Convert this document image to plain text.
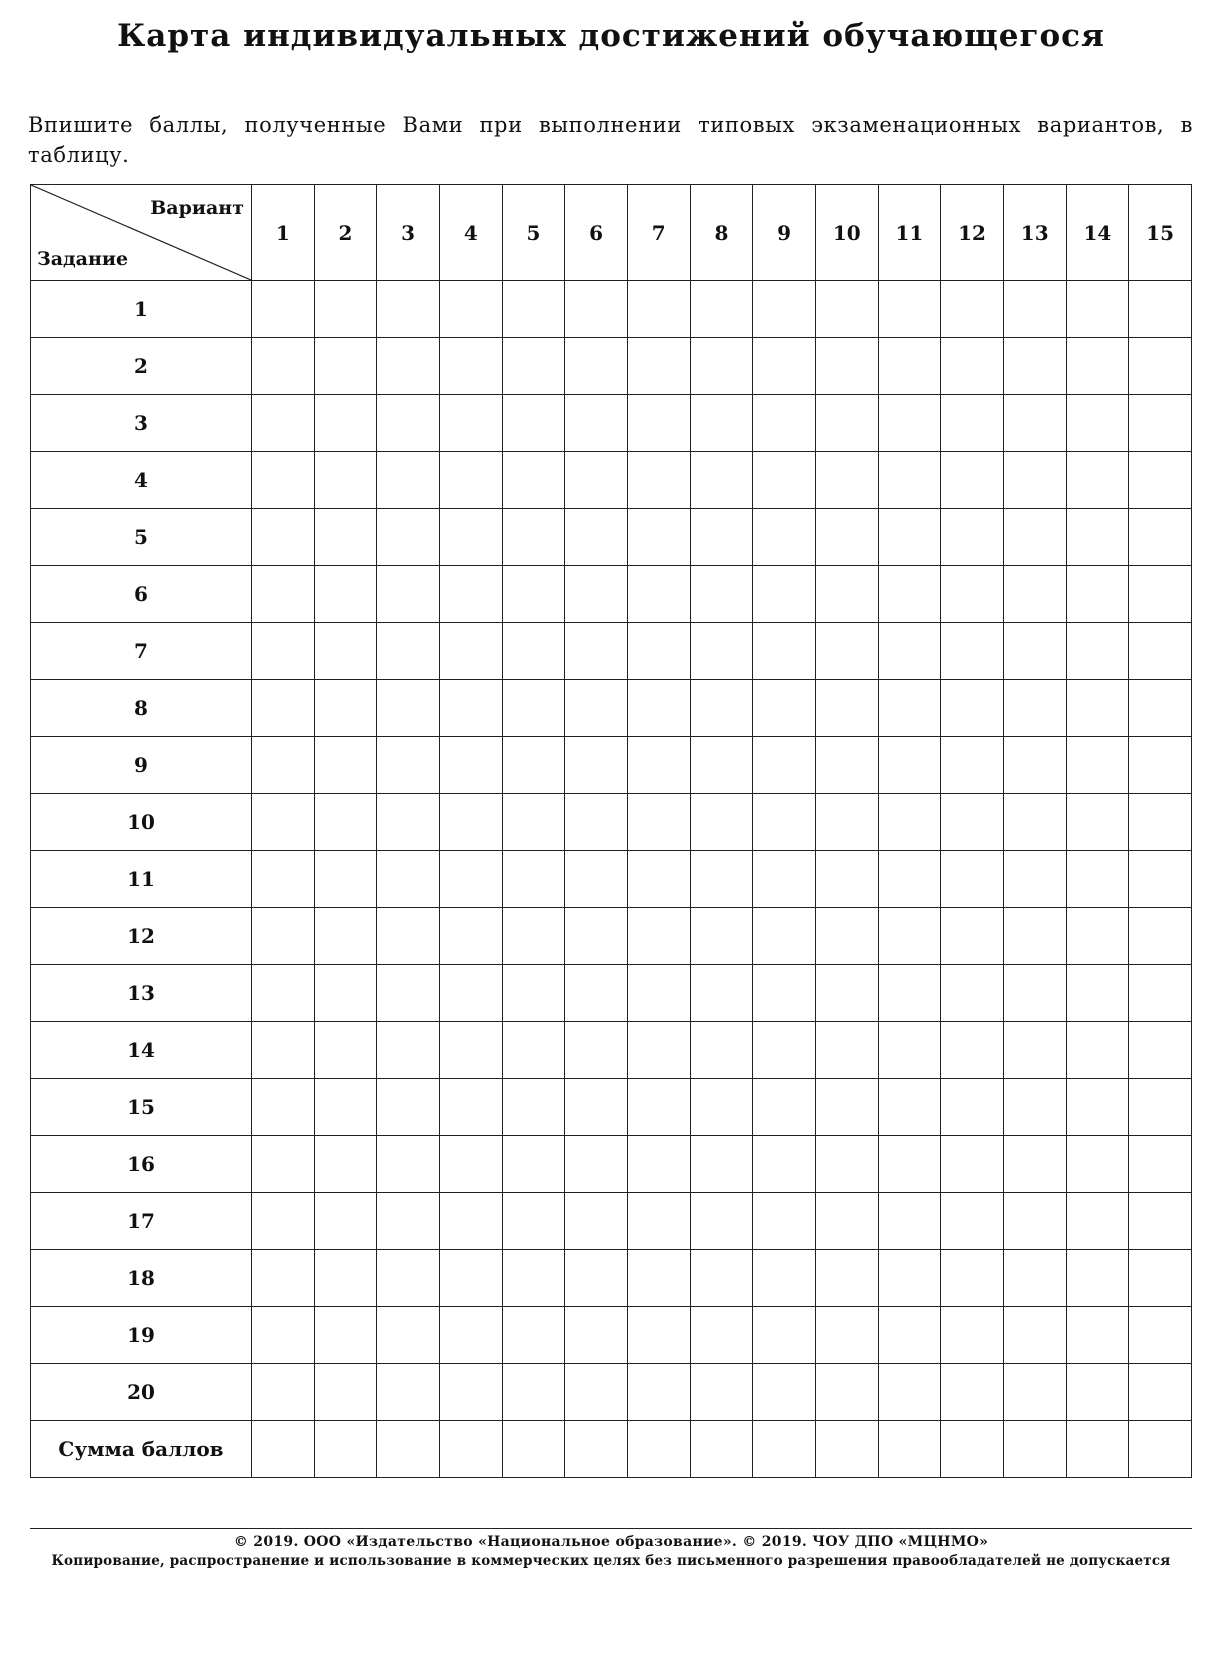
Карта индивидуальных достижений обучающегося

Впишите баллы, полученные Вами при выполнении типовых экзаменационных вариантов, в таблицу.

Вариант
Задание	1	2	3	4	5	6	7	8	9	10	11	12	13	14	15
1															
2															
3															
4															
5															
6															
7															
8															
9															
10															
11															
12															
13															
14															
15															
16															
17															
18															
19															
20															
Сумма баллов															
© 2019. ООО «Издательство «Национальное образование». © 2019. ЧОУ ДПО «МЦНМО»
Копирование, распространение и использование в коммерческих целях без письменного разрешения правообладателей не допускается
